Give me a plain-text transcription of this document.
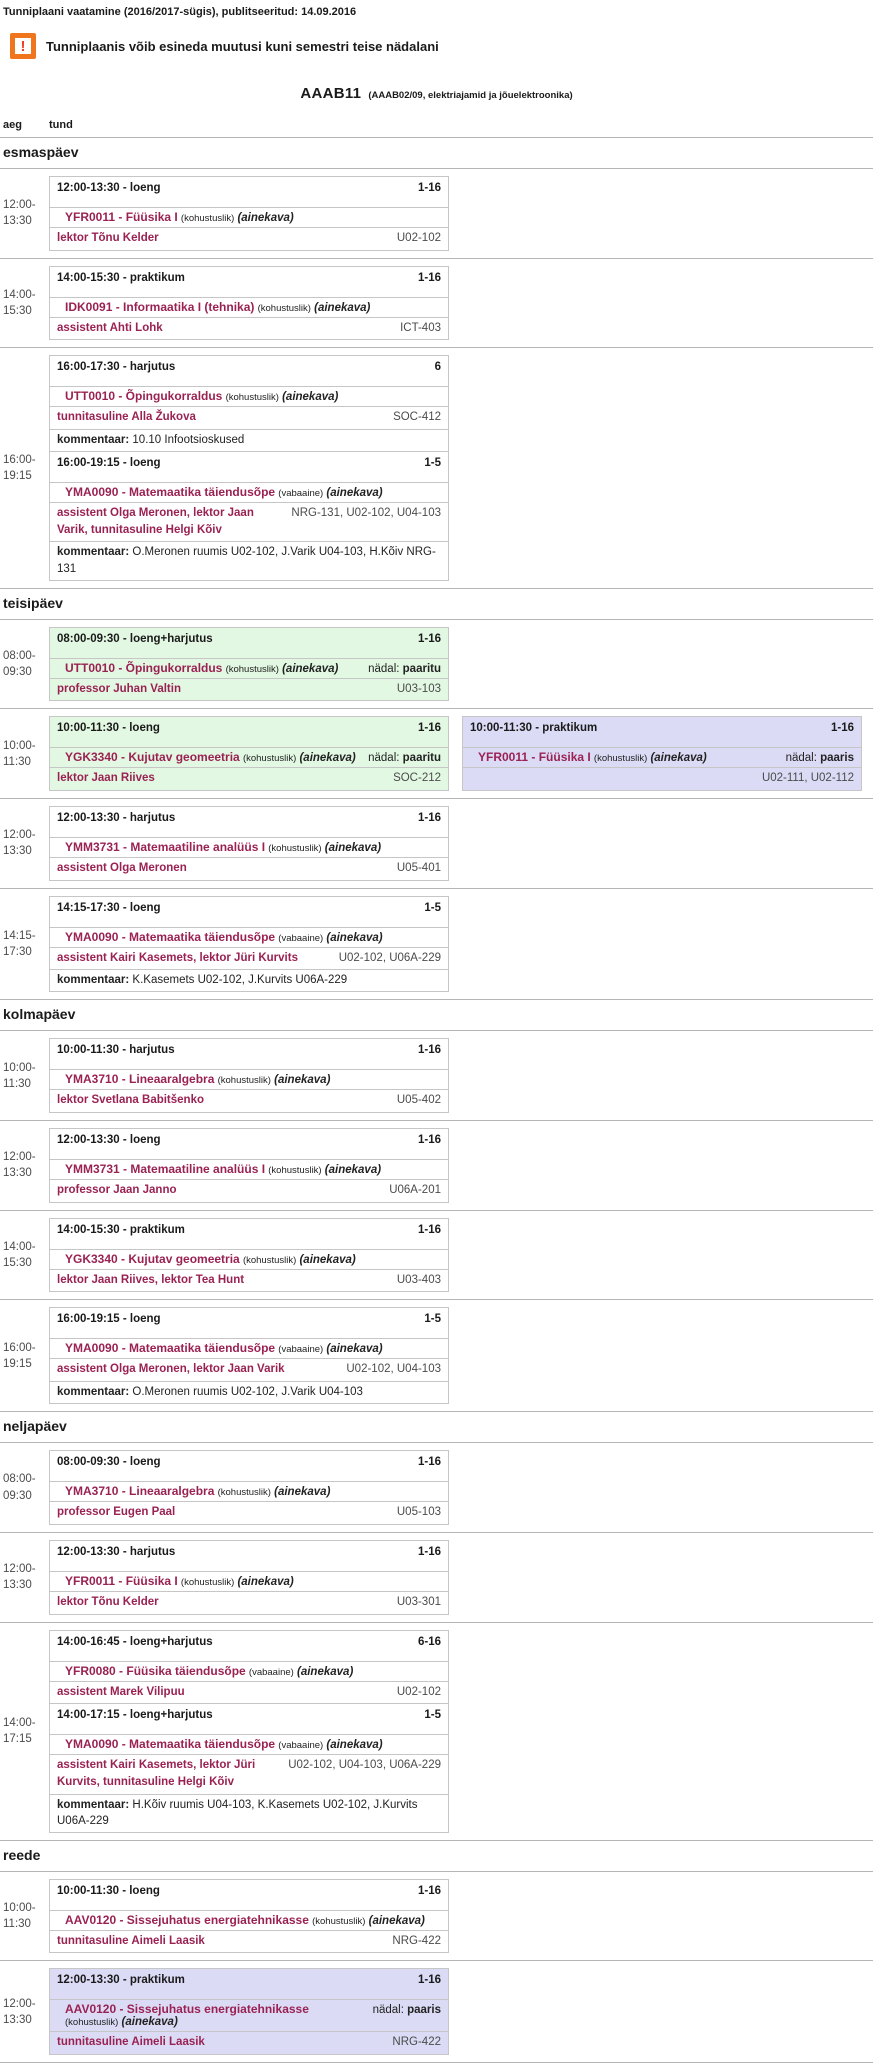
Tunniplaani vaatamine (2016/2017-sügis), publitseeritud: 14.09.2016
! Tunniplaanis võib esineda muutusi kuni semestri teise nädalani
AAAB11 (AAAB02/09, elektriajamid ja jõuelektroonika)
aeg	tund
esmaspäev
12:00-
13:30
12:00-13:30 - loeng	1-16
YFR0011 - Füüsika I (kohustuslik) (ainekava)
lektor Tõnu Kelder	U02-102
14:00-
15:30
14:00-15:30 - praktikum	1-16
IDK0091 - Informaatika I (tehnika) (kohustuslik) (ainekava)
assistent Ahti Lohk	ICT-403
16:00-
19:15
16:00-17:30 - harjutus	6
UTT0010 - Õpingukorraldus (kohustuslik) (ainekava)
tunnitasuline Alla Žukova	SOC-412
kommentaar: 10.10 Infootsioskused
16:00-19:15 - loeng	1-5
YMA0090 - Matemaatika täiendusõpe (vabaaine) (ainekava)
assistent Olga Meronen, lektor Jaan Varik, tunnitasuline Helgi Kõiv
NRG-131, U02-102, U04-103
kommentaar: O.Meronen ruumis U02-102, J.Varik U04-103, H.Kõiv NRG-131
teisipäev
08:00-
09:30
08:00-09:30 - loeng+harjutus	1-16
UTT0010 - Õpingukorraldus (kohustuslik) (ainekava)	nädal: paaritu
professor Juhan Valtin	U03-103
10:00-
11:30
10:00-11:30 - loeng	1-16
YGK3340 - Kujutav geomeetria (kohustuslik) (ainekava)	nädal: paaritu
lektor Jaan Riives	SOC-212
10:00-11:30 - praktikum	1-16
YFR0011 - Füüsika I (kohustuslik) (ainekava)	nädal: paaris
U02-111, U02-112
12:00-
13:30
12:00-13:30 - harjutus	1-16
YMM3731 - Matemaatiline analüüs I (kohustuslik) (ainekava)
assistent Olga Meronen	U05-401
14:15-
17:30
14:15-17:30 - loeng	1-5
YMA0090 - Matemaatika täiendusõpe (vabaaine) (ainekava)
assistent Kairi Kasemets, lektor Jüri Kurvits	U02-102, U06A-229
kommentaar: K.Kasemets U02-102, J.Kurvits U06A-229
kolmapäev
10:00-
11:30
10:00-11:30 - harjutus	1-16
YMA3710 - Lineaaralgebra (kohustuslik) (ainekava)
lektor Svetlana Babitšenko	U05-402
12:00-
13:30
12:00-13:30 - loeng	1-16
YMM3731 - Matemaatiline analüüs I (kohustuslik) (ainekava)
professor Jaan Janno	U06A-201
14:00-
15:30
14:00-15:30 - praktikum	1-16
YGK3340 - Kujutav geomeetria (kohustuslik) (ainekava)
lektor Jaan Riives, lektor Tea Hunt	U03-403
16:00-
19:15
16:00-19:15 - loeng	1-5
YMA0090 - Matemaatika täiendusõpe (vabaaine) (ainekava)
assistent Olga Meronen, lektor Jaan Varik	U02-102, U04-103
kommentaar: O.Meronen ruumis U02-102, J.Varik U04-103
neljapäev
08:00-
09:30
08:00-09:30 - loeng	1-16
YMA3710 - Lineaaralgebra (kohustuslik) (ainekava)
professor Eugen Paal	U05-103
12:00-
13:30
12:00-13:30 - harjutus	1-16
YFR0011 - Füüsika I (kohustuslik) (ainekava)
lektor Tõnu Kelder	U03-301
14:00-
17:15
14:00-16:45 - loeng+harjutus	6-16
YFR0080 - Füüsika täiendusõpe (vabaaine) (ainekava)
assistent Marek Vilipuu	U02-102
14:00-17:15 - loeng+harjutus	1-5
YMA0090 - Matemaatika täiendusõpe (vabaaine) (ainekava)
assistent Kairi Kasemets, lektor Jüri Kurvits, tunnitasuline Helgi Kõiv
U02-102, U04-103, U06A-229
kommentaar: H.Kõiv ruumis U04-103, K.Kasemets U02-102, J.Kurvits U06A-229
reede
10:00-
11:30
10:00-11:30 - loeng	1-16
AAV0120 - Sissejuhatus energiatehnikasse (kohustuslik) (ainekava)
tunnitasuline Aimeli Laasik	NRG-422
12:00-
13:30
12:00-13:30 - praktikum	1-16
AAV0120 - Sissejuhatus energiatehnikasse (kohustuslik) (ainekava)
nädal: paaris
tunnitasuline Aimeli Laasik	NRG-422
